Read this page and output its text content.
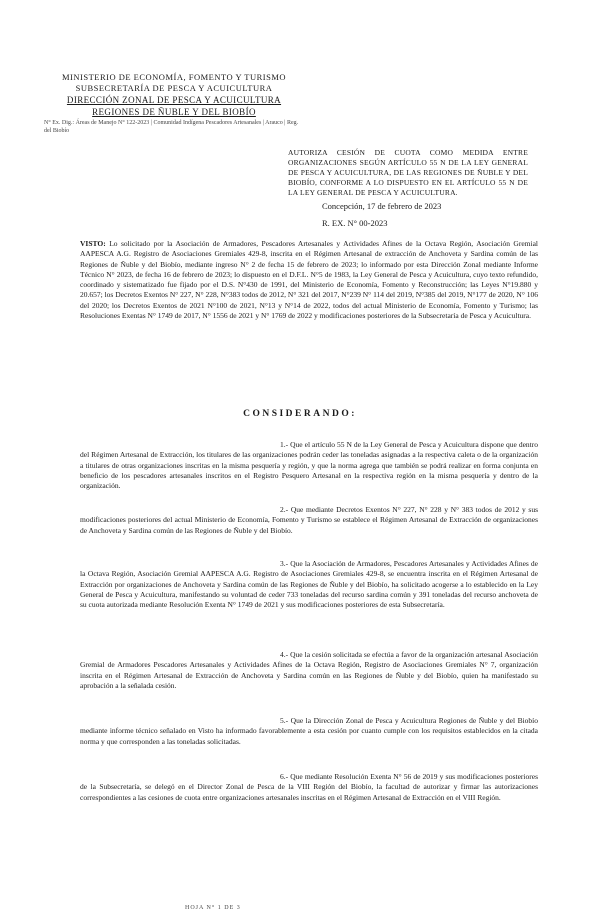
MINISTERIO DE ECONOMÍA, FOMENTO Y TURISMO
SUBSECRETARÍA DE PESCA Y ACUICULTURA
DIRECCIÓN ZONAL DE PESCA Y ACUICULTURA
REGIONES DE ÑUBLE Y DEL BIOBÍO
N° Ex. Dig.: Áreas de Manejo N° 122-2023 | Comunidad Indígena Pescadores Artesanales | Arauco | Reg. del Biobío
AUTORIZA CESIÓN DE CUOTA COMO MEDIDA ENTRE ORGANIZACIONES SEGÚN ARTÍCULO 55 N DE LA LEY GENERAL DE PESCA Y ACUICULTURA, DE LAS REGIONES DE ÑUBLE Y DEL BIOBÍO, CONFORME A LO DISPUESTO EN EL ARTÍCULO 55 N DE LA LEY GENERAL DE PESCA Y ACUICULTURA.
Concepción, 17 de febrero de 2023
R. EX. N° 00-2023
VISTO: Lo solicitado por la Asociación de Armadores, Pescadores Artesanales y Actividades Afines de la Octava Región, Asociación Gremial AAPESCA A.G. Registro de Asociaciones Gremiales 429-8, inscrita en el Régimen Artesanal de extracción de Anchoveta y Sardina común de las Regiones de Ñuble y del Biobío, mediante ingreso N° 2 de fecha 15 de febrero de 2023; lo informado por esta Dirección Zonal mediante Informe Técnico N° 2023, de fecha 16 de febrero de 2023; lo dispuesto en el D.F.L. N°5 de 1983, la Ley General de Pesca y Acuicultura, cuyo texto refundido, coordinado y sistematizado fue fijado por el D.S. N°430 de 1991, del Ministerio de Economía, Fomento y Reconstrucción; las Leyes N°19.880 y 20.657; los Decretos Exentos N° 227, N° 228, N°383 todos de 2012, N° 321 del 2017, N°239 N° 114 del 2019, N°385 del 2019, N°177 de 2020, N° 106 del 2020; los Decretos Exentos de 2021 N°100 de 2021, N°13 y N°14 de 2022, todos del actual Ministerio de Economía, Fomento y Turismo; las Resoluciones Exentas N° 1749 de 2017, N° 1556 de 2021 y N° 1769 de 2022 y modificaciones posteriores de la Subsecretaría de Pesca y Acuicultura.
CONSIDERANDO:
1.- Que el artículo 55 N de la Ley General de Pesca y Acuicultura dispone que dentro del Régimen Artesanal de Extracción, los titulares de las organizaciones podrán ceder las toneladas asignadas a la respectiva caleta o de la organización a titulares de otras organizaciones inscritas en la misma pesquería y región, y que la norma agrega que también se podrá realizar en forma conjunta en beneficio de los pescadores artesanales inscritos en el Registro Pesquero Artesanal en la respectiva región en la misma pesquería y dentro de la organización.
2.- Que mediante Decretos Exentos N° 227, N° 228 y N° 383 todos de 2012 y sus modificaciones posteriores del actual Ministerio de Economía, Fomento y Turismo se establece el Régimen Artesanal de Extracción de organizaciones de Anchoveta y Sardina común de las Regiones de Ñuble y del Biobío.
3.- Que la Asociación de Armadores, Pescadores Artesanales y Actividades Afines de la Octava Región, Asociación Gremial AAPESCA A.G. Registro de Asociaciones Gremiales 429-8, se encuentra inscrita en el Régimen Artesanal de Extracción por organizaciones de Anchoveta y Sardina común de las Regiones de Ñuble y del Biobío, ha solicitado acogerse a lo establecido en la Ley General de Pesca y Acuicultura, manifestando su voluntad de ceder 733 toneladas del recurso sardina común y 391 toneladas del recurso anchoveta de su cuota autorizada mediante Resolución Exenta N° 1749 de 2021 y sus modificaciones posteriores de esta Subsecretaría.
4.- Que la cesión solicitada se efectúa a favor de la organización artesanal Asociación Gremial de Armadores Pescadores Artesanales y Actividades Afines de la Octava Región, Registro de Asociaciones Gremiales N° 7, organización inscrita en el Régimen Artesanal de Extracción de Anchoveta y Sardina común en las Regiones de Ñuble y del Biobío, quien ha manifestado su aprobación a la señalada cesión.
5.- Que la Dirección Zonal de Pesca y Acuicultura Regiones de Ñuble y del Biobío mediante informe técnico señalado en Visto ha informado favorablemente a esta cesión por cuanto cumple con los requisitos establecidos en la citada norma y que corresponden a las toneladas solicitadas.
6.- Que mediante Resolución Exenta N° 56 de 2019 y sus modificaciones posteriores de la Subsecretaría, se delegó en el Director Zonal de Pesca de la VIII Región del Biobío, la facultad de autorizar y firmar las autorizaciones correspondientes a las cesiones de cuota entre organizaciones artesanales inscritas en el Régimen Artesanal de Extracción en el VIII Región.
HOJA N° 1 DE 3
